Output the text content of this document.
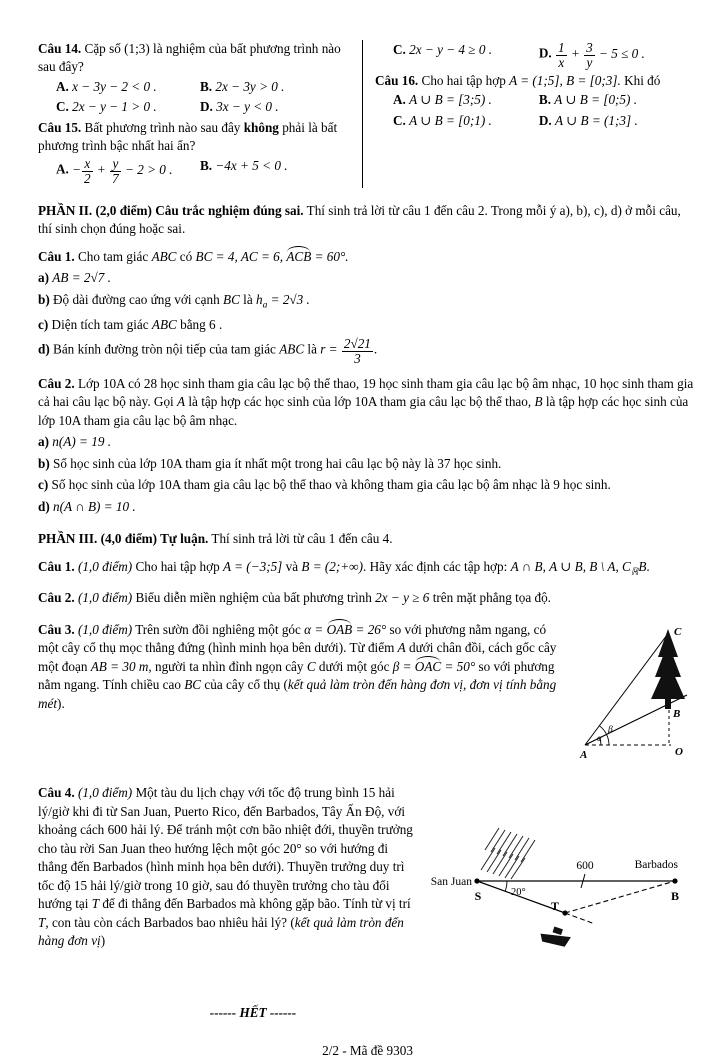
Câu 14. Cặp số (1;3) là nghiệm của bất phương trình nào sau đây?

A. x − 3y − 2 < 0 .	B. 2x − 3y > 0 .
C. 2x − y − 1 > 0 .	D. 3x − y < 0 .

Câu 15. Bất phương trình nào sau đây không phải là bất phương trình bậc nhất hai ẩn?

A. − $\frac{x}{2} + \frac{y}{7} - 2 > 0$ .	B. −4x + 5 < 0 .
C. 2x − y − 4 ≥ 0 .	D. $\frac{1}{x} + \frac{3}{y} - 5 \le 0$ .

Câu 16. Cho hai tập hợp A = (1;5], B = [0;3]. Khi đó

A. A ∪ B = [3;5) .	B. A ∪ B = [0;5) .
C. A ∪ B = [0;1) .	D. A ∪ B = (1;3] .

PHẦN II. (2,0 điểm) Câu trắc nghiệm đúng sai. Thí sinh trả lời từ câu 1 đến câu 2. Trong mỗi ý a), b), c), d) ở mỗi câu, thí sinh chọn đúng hoặc sai.

Câu 1. Cho tam giác ABC có BC = 4, AC = 6, ACB = 60°.

a) AB = 2√7 .

b) Độ dài đường cao ứng với cạnh BC là $h_a = 2√3$ .

c) Diện tích tam giác ABC bằng 6 .

d) Bán kính đường tròn nội tiếp của tam giác ABC là $r = \frac{2√21}{3}$ .

Câu 2. Lớp 10A có 28 học sinh tham gia câu lạc bộ thể thao, 19 học sinh tham gia câu lạc bộ âm nhạc, 10 học sinh tham gia cả hai câu lạc bộ này. Gọi A là tập hợp các học sinh của lớp 10A tham gia câu lạc bộ thể thao, B là tập hợp các học sinh của lớp 10A tham gia câu lạc bộ âm nhạc.

a) n(A) = 19 .

b) Số học sinh của lớp 10A tham gia ít nhất một trong hai câu lạc bộ này là 37 học sinh.

c) Số học sinh của lớp 10A tham gia câu lạc bộ thể thao và không tham gia câu lạc bộ âm nhạc là 9 học sinh.

d) n(A ∩ B) = 10 .

PHẦN III. (4,0 điểm) Tự luận. Thí sinh trả lời từ câu 1 đến câu 4.

Câu 1. (1,0 điểm) Cho hai tập hợp A = (−3;5] và B = (2;+∞). Hãy xác định các tập hợp: A ∩ B, A ∪ B, B \ A, $C_ℝB$.

Câu 2. (1,0 điểm) Biểu diễn miền nghiệm của bất phương trình 2x − y ≥ 6 trên mặt phẳng tọa độ.

C
B
O
A
α
β

Câu 3. (1,0 điểm) Trên sườn đồi nghiêng một góc α = OAB = 26° so với phương nằm ngang, có một cây cổ thụ mọc thẳng đứng (hình minh họa bên dưới). Từ điểm A dưới chân đồi, cách gốc cây một đoạn AB = 30 m, người ta nhìn đỉnh ngọn cây C dưới một góc β = OAC = 50° so với phương nằm ngang. Tính chiều cao BC của cây cổ thụ (kết quả làm tròn đến hàng đơn vị, đơn vị tính bằng mét).

San Juan
S	20°
600	Barbados
B
T

Câu 4. (1,0 điểm) Một tàu du lịch chạy với tốc độ trung bình 15 hải lý/giờ khi đi từ San Juan, Puerto Rico, đến Barbados, Tây Ấn Độ, với khoảng cách 600 hải lý. Để tránh một cơn bão nhiệt đới, thuyền trưởng cho tàu rời San Juan theo hướng lệch một góc 20° so với hướng đi thẳng đến Barbados (hình minh họa bên dưới). Thuyền trưởng duy trì tốc độ 15 hải lý/giờ trong 10 giờ, sau đó thuyền trưởng cho tàu đổi hướng tại T để đi thẳng đến Barbados mà không gặp bão. Tính từ vị trí T, con tàu còn cách Barbados bao nhiêu hải lý? (kết quả làm tròn đến hàng đơn vị)

------ HẾT ------

2/2 - Mã đề 9303
